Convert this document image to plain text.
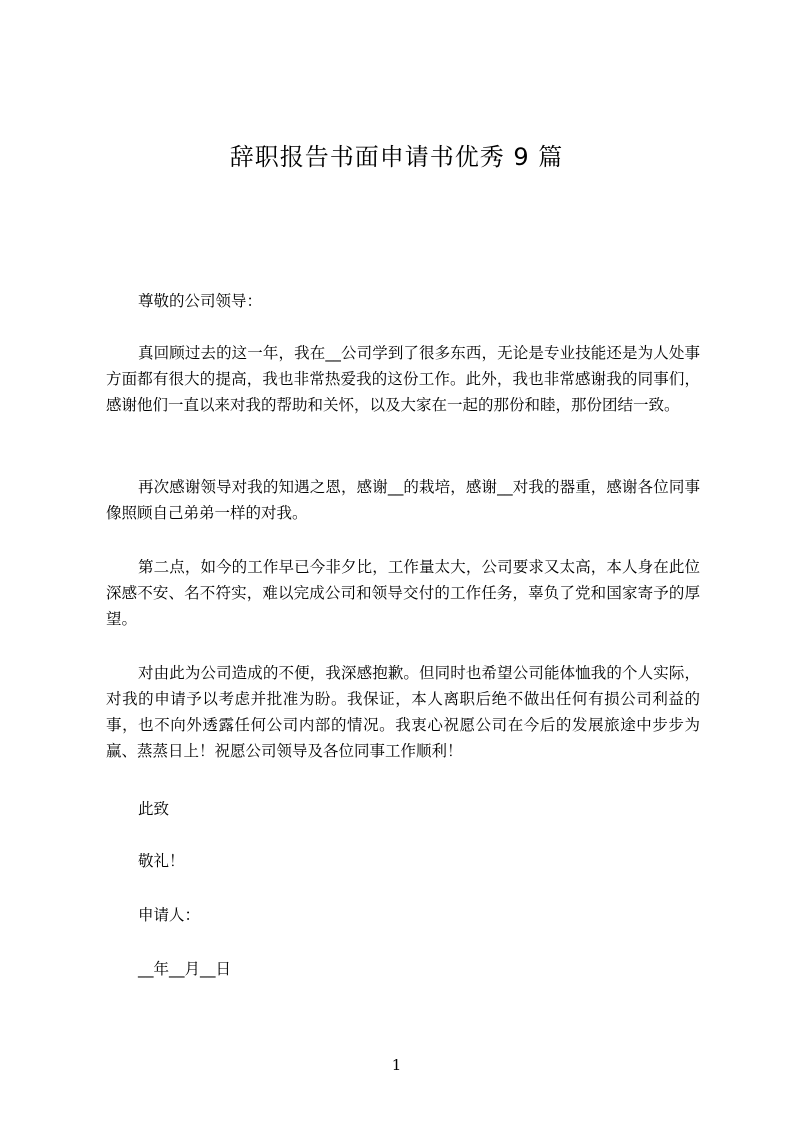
辞职报告书面申请书优秀 9 篇

尊敬的公司领导：

真回顾过去的这一年，我在__公司学到了很多东西，无论是专业技能还是为人处事方面都有很大的提高，我也非常热爱我的这份工作。此外，我也非常感谢我的同事们，感谢他们一直以来对我的帮助和关怀，以及大家在一起的那份和睦，那份团结一致。

再次感谢领导对我的知遇之恩，感谢__的栽培，感谢__对我的器重，感谢各位同事像照顾自己弟弟一样的对我。

第二点，如今的工作早已今非夕比，工作量太大，公司要求又太高，本人身在此位深感不安、名不符实，难以完成公司和领导交付的工作任务，辜负了党和国家寄予的厚望。

对由此为公司造成的不便，我深感抱歉。但同时也希望公司能体恤我的个人实际，对我的申请予以考虑并批准为盼。我保证，本人离职后绝不做出任何有损公司利益的事，也不向外透露任何公司内部的情况。我衷心祝愿公司在今后的发展旅途中步步为赢、蒸蒸日上！祝愿公司领导及各位同事工作顺利！

此致

敬礼！

申请人：

__年__月__日

1
